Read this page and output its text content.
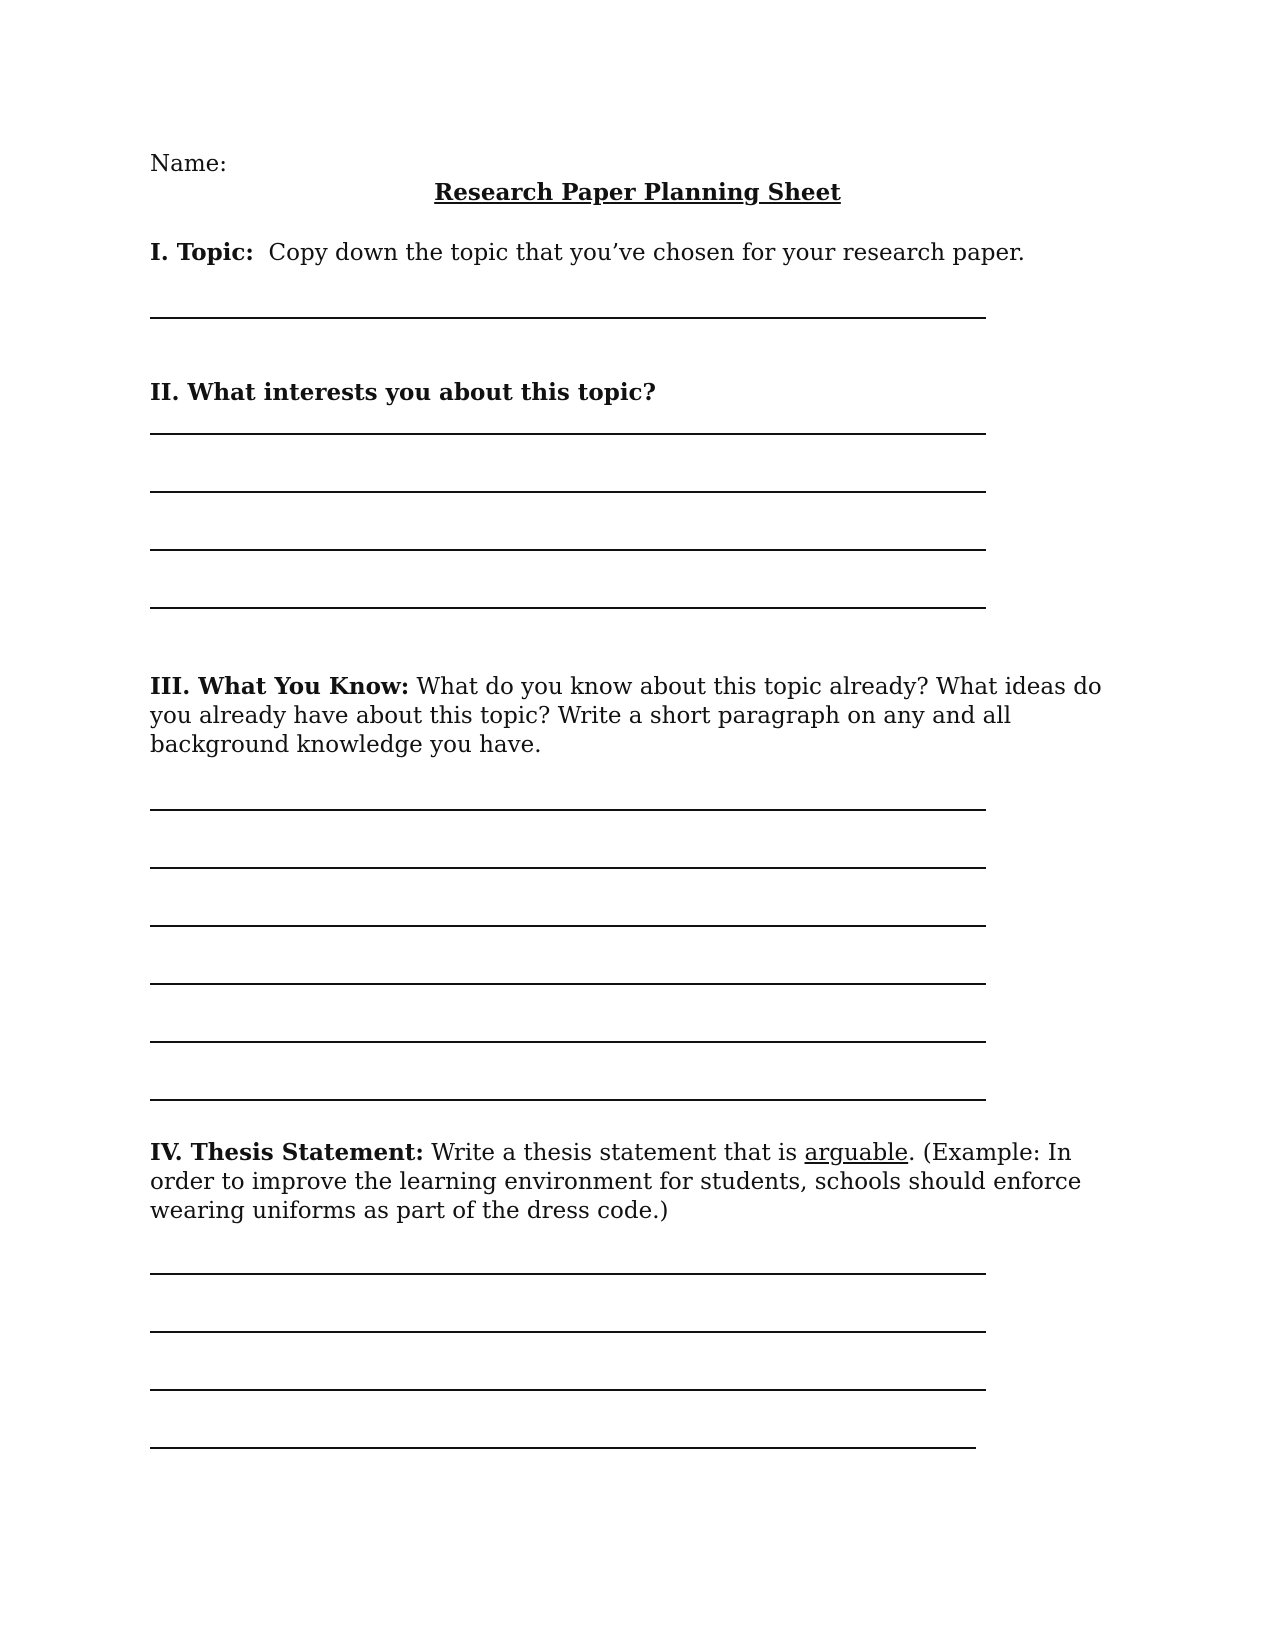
Name:
Research Paper Planning Sheet
I. Topic: Copy down the topic that you’ve chosen for your research paper.
II. What interests you about this topic?
III. What You Know: What do you know about this topic already? What ideas do you already have about this topic? Write a short paragraph on any and all background knowledge you have.
IV. Thesis Statement: Write a thesis statement that is arguable. (Example: In order to improve the learning environment for students, schools should enforce wearing uniforms as part of the dress code.)
